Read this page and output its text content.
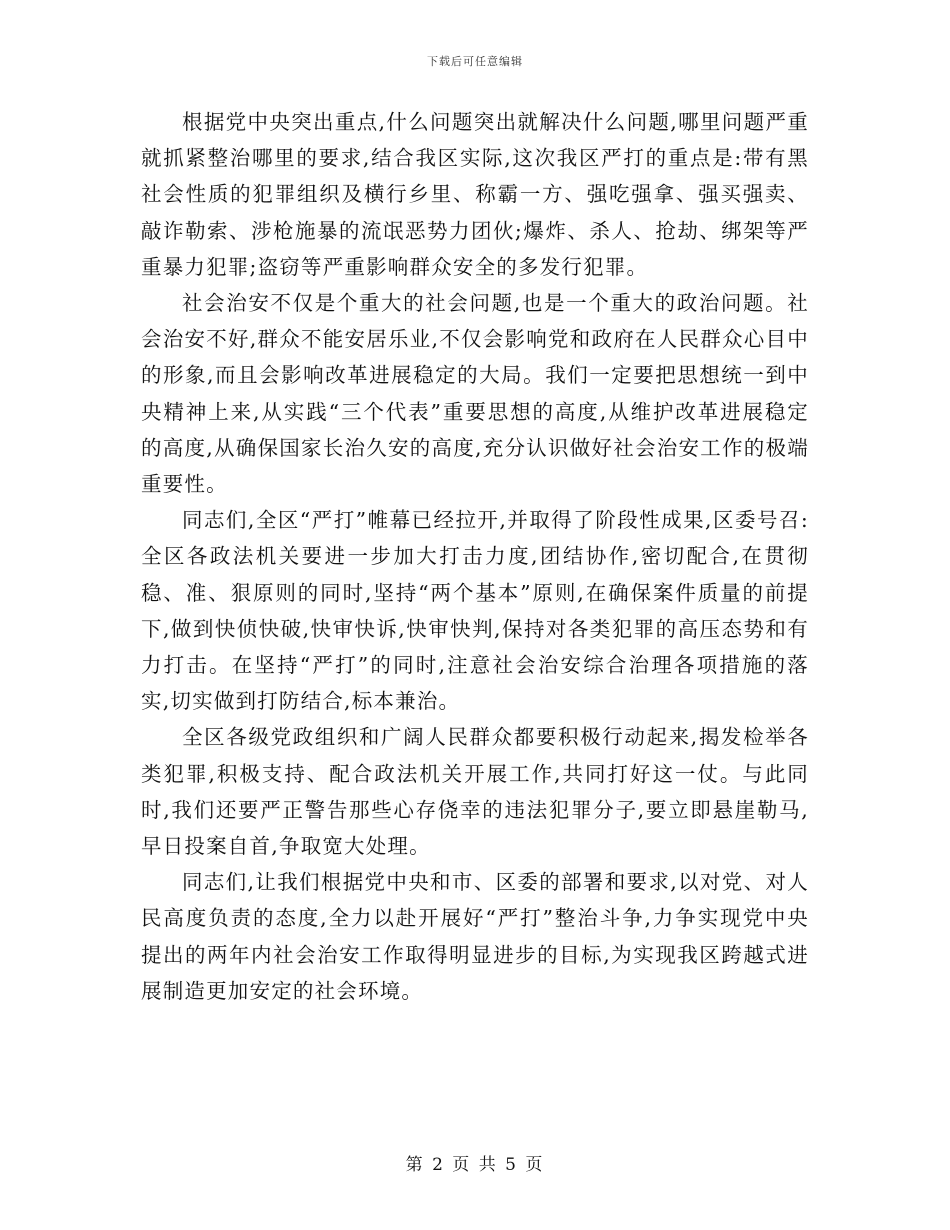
下载后可任意编辑

根据党中央突出重点,什么问题突出就解决什么问题,哪里问题严重就抓紧整治哪里的要求,结合我区实际,这次我区严打的重点是:带有黑社会性质的犯罪组织及横行乡里、称霸一方、强吃强拿、强买强卖、敲诈勒索、涉枪施暴的流氓恶势力团伙;爆炸、杀人、抢劫、绑架等严重暴力犯罪;盗窃等严重影响群众安全的多发行犯罪。

社会治安不仅是个重大的社会问题,也是一个重大的政治问题。社会治安不好,群众不能安居乐业,不仅会影响党和政府在人民群众心目中的形象,而且会影响改革进展稳定的大局。我们一定要把思想统一到中央精神上来,从实践“三个代表”重要思想的高度,从维护改革进展稳定的高度,从确保国家长治久安的高度,充分认识做好社会治安工作的极端重要性。

同志们,全区“严打”帷幕已经拉开,并取得了阶段性成果,区委号召:全区各政法机关要进一步加大打击力度,团结协作,密切配合,在贯彻稳、准、狠原则的同时,坚持“两个基本”原则,在确保案件质量的前提下,做到快侦快破,快审快诉,快审快判,保持对各类犯罪的高压态势和有力打击。在坚持“严打”的同时,注意社会治安综合治理各项措施的落实,切实做到打防结合,标本兼治。

全区各级党政组织和广阔人民群众都要积极行动起来,揭发检举各类犯罪,积极支持、配合政法机关开展工作,共同打好这一仗。与此同时,我们还要严正警告那些心存侥幸的违法犯罪分子,要立即悬崖勒马,早日投案自首,争取宽大处理。

同志们,让我们根据党中央和市、区委的部署和要求,以对党、对人民高度负责的态度,全力以赴开展好“严打”整治斗争,力争实现党中央提出的两年内社会治安工作取得明显进步的目标,为实现我区跨越式进展制造更加安定的社会环境。

第 2 页 共 5 页
